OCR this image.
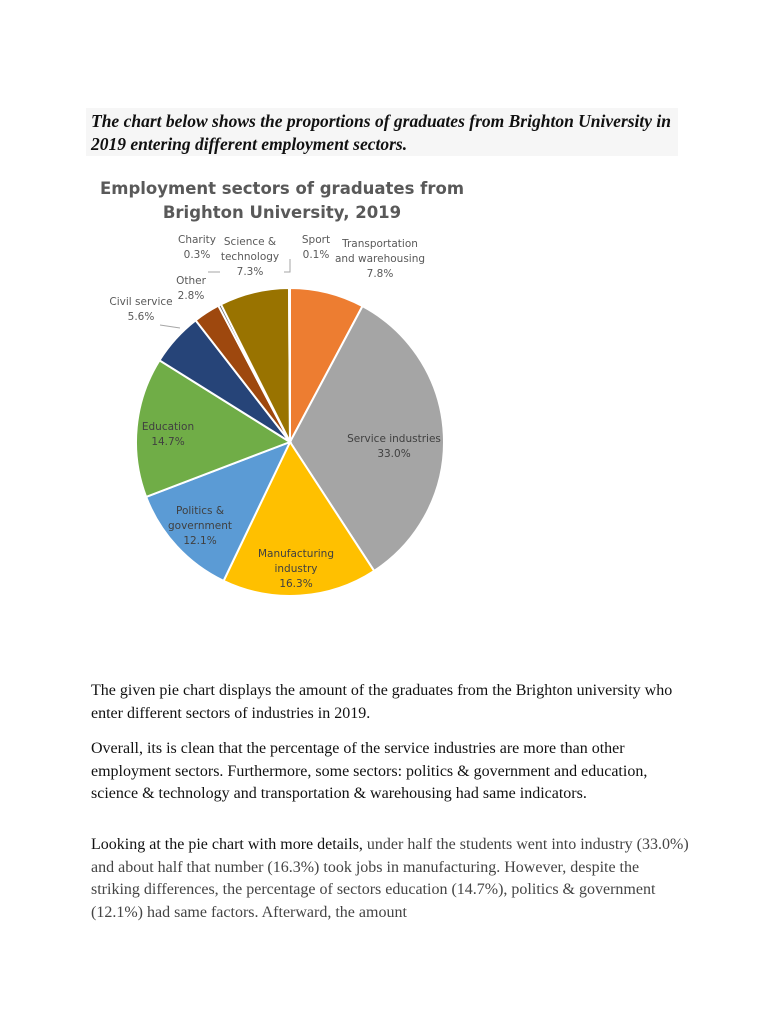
The chart below shows the proportions of graduates from Brighton University in 2019 entering different employment sectors.
Employment sectors of graduates from
Brighton University, 2019
Transportation and warehousing 7.8%
Service industries 33.0%
Manufacturing industry 16.3%
Politics & government 12.1%
Education 14.7%
Civil service 5.6%
Other 2.8%
Charity 0.3%
Science & technology 7.3%
Sport 0.1%
The given pie chart displays the amount of the graduates from the Brighton university who enter different sectors of industries in 2019.
Overall, its is clean that the percentage of the service industries are more than other employment sectors. Furthermore, some sectors: politics & government and education, science & technology and transportation & warehousing had same indicators.
Looking at the pie chart with more details, under half the students went into industry (33.0%) and about half that number (16.3%) took jobs in manufacturing. However, despite the striking differences, the percentage of sectors education (14.7%), politics & government (12.1%) had same factors. Afterward, the amount
